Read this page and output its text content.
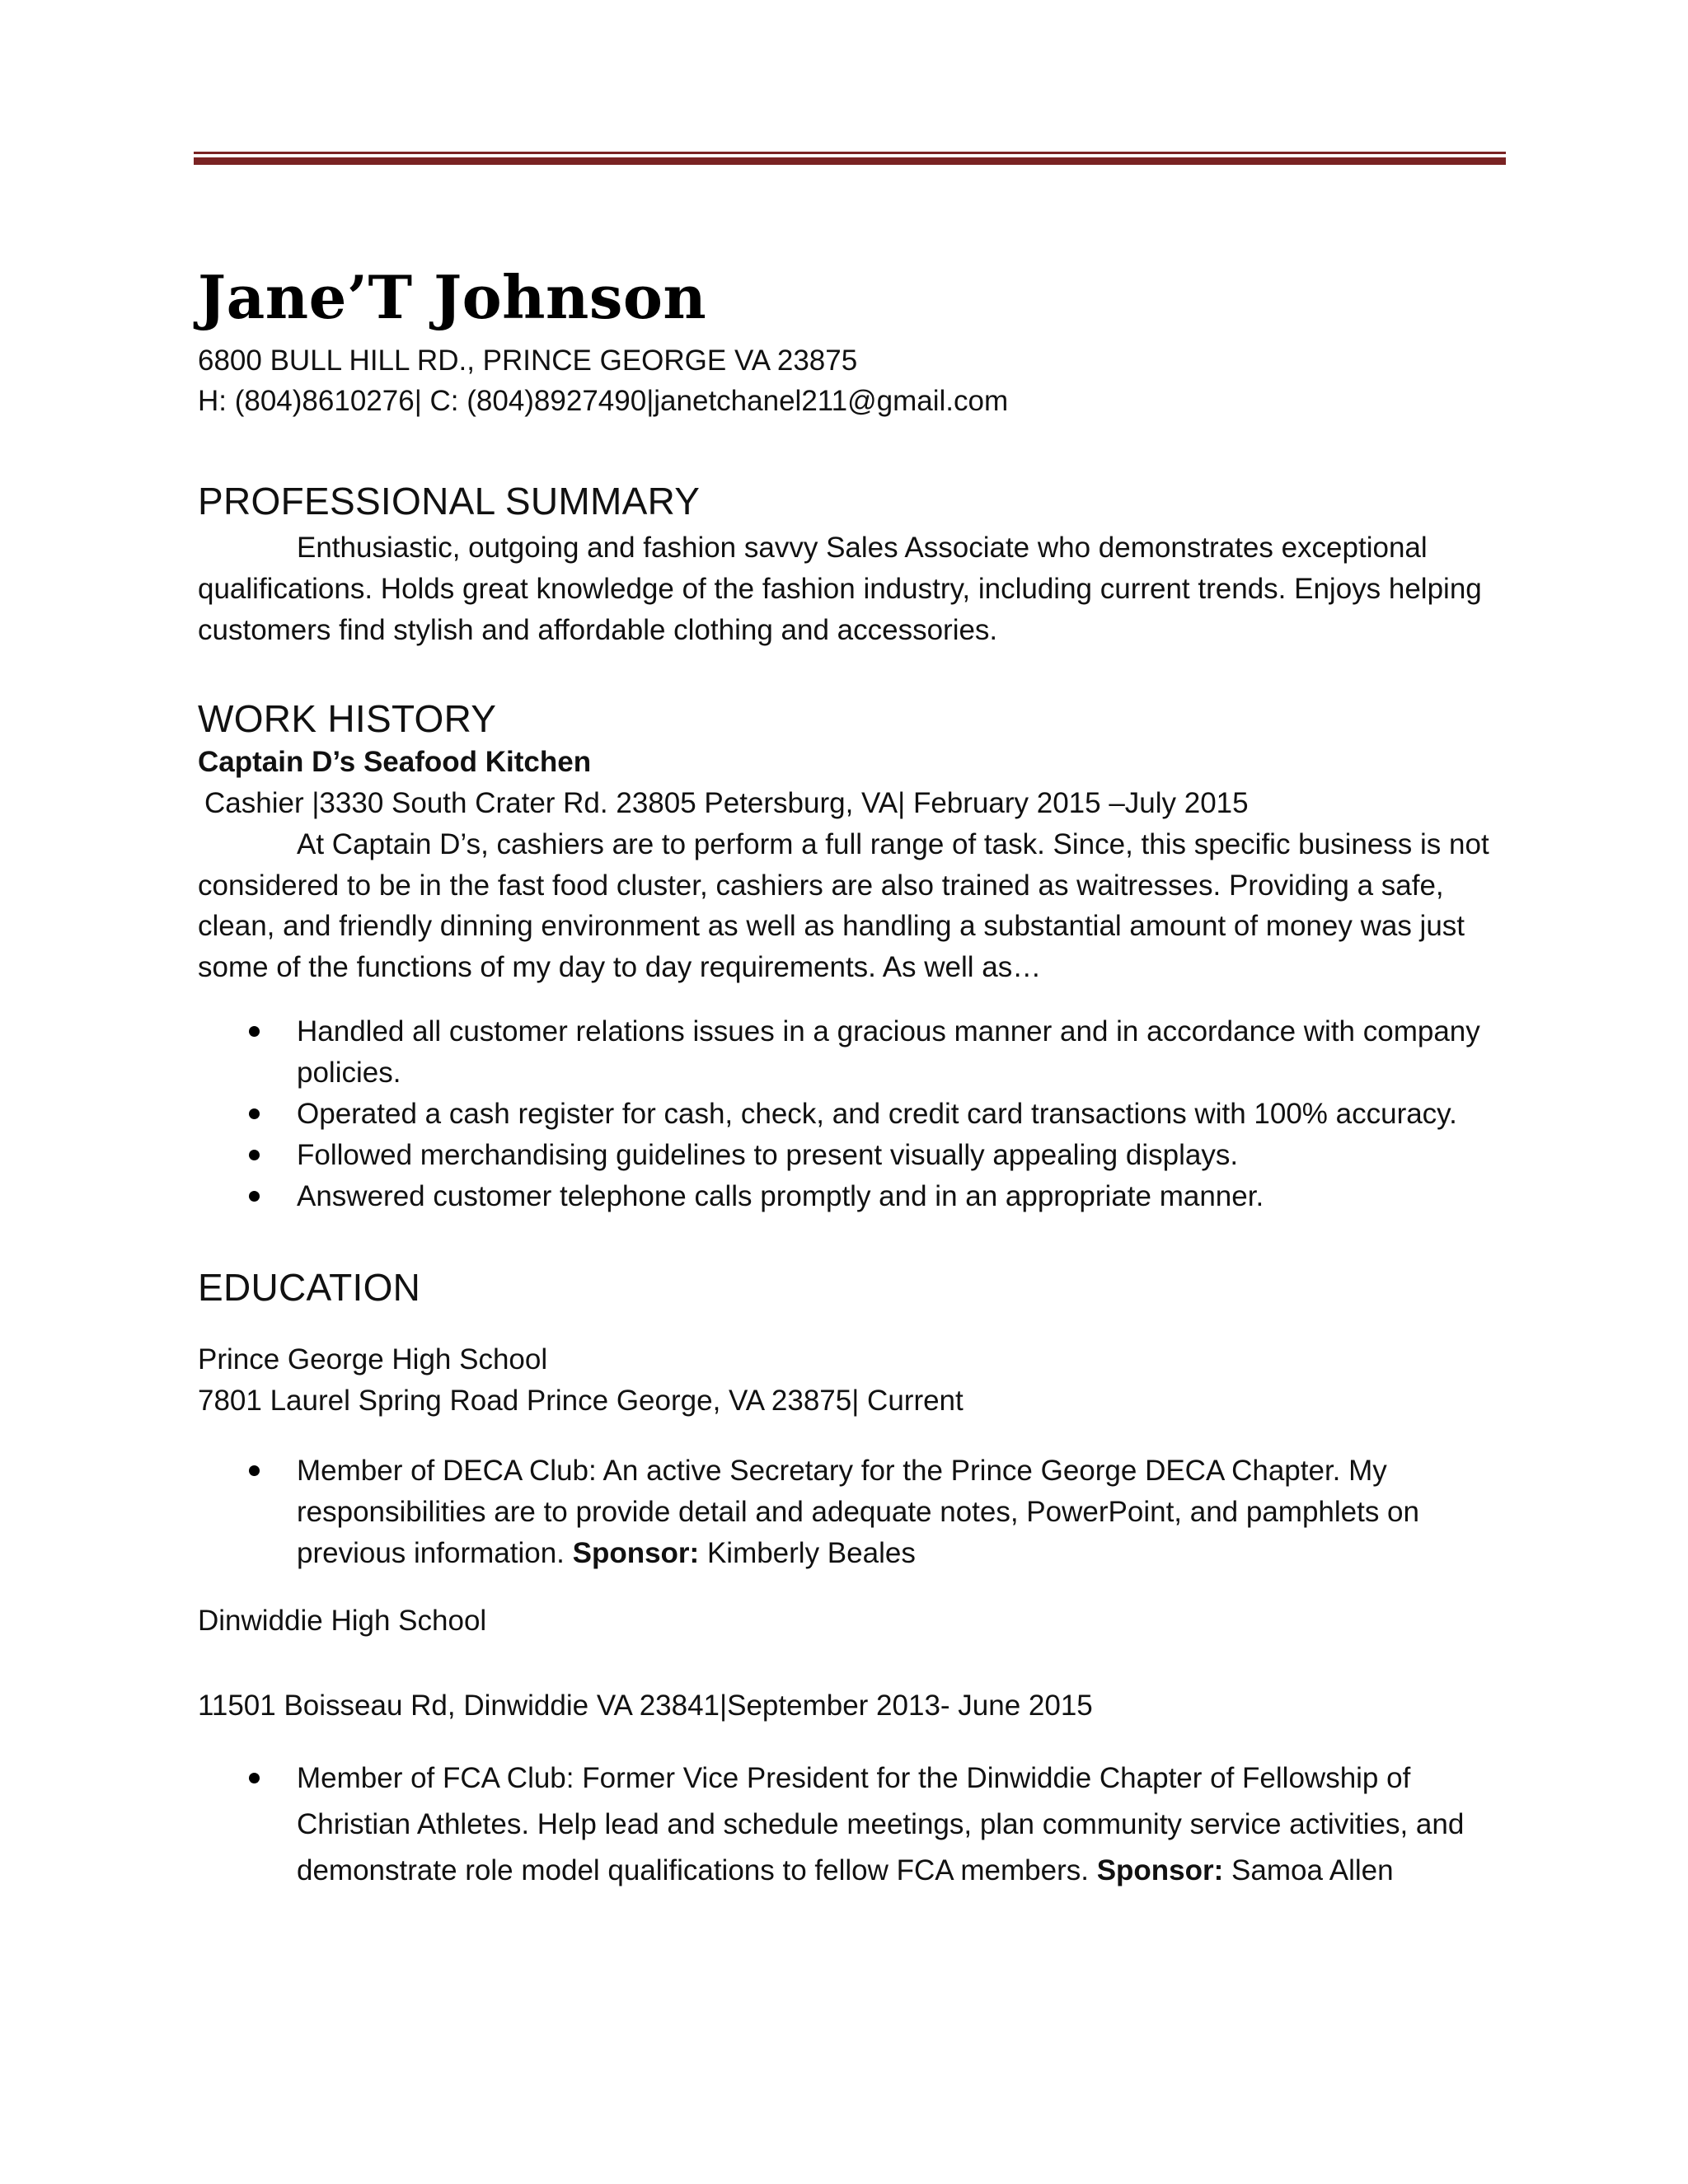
Jane’T Johnson

6800 BULL HILL RD., PRINCE GEORGE VA 23875

H: (804)8610276| C: (804)8927490|janetchanel211@gmail.com

PROFESSIONAL SUMMARY

Enthusiastic, outgoing and fashion savvy Sales Associate who demonstrates exceptional qualifications. Holds great knowledge of the fashion industry, including current trends. Enjoys helping customers find stylish and affordable clothing and accessories.

WORK HISTORY

Captain D’s Seafood Kitchen

Cashier |3330 South Crater Rd. 23805 Petersburg, VA| February 2015 –July 2015

At Captain D’s, cashiers are to perform a full range of task. Since, this specific business is not considered to be in the fast food cluster, cashiers are also trained as waitresses. Providing a safe, clean, and friendly dinning environment as well as handling a substantial amount of money was just some of the functions of my day to day requirements. As well as…

Handled all customer relations issues in a gracious manner and in accordance with company policies.
Operated a cash register for cash, check, and credit card transactions with 100% accuracy.
Followed merchandising guidelines to present visually appealing displays.
Answered customer telephone calls promptly and in an appropriate manner.
EDUCATION

Prince George High School

7801 Laurel Spring Road Prince George, VA 23875| Current

Member of DECA Club: An active Secretary for the Prince George DECA Chapter. My responsibilities are to provide detail and adequate notes, PowerPoint, and pamphlets on previous information. Sponsor: Kimberly Beales

Dinwiddie High School

11501 Boisseau Rd, Dinwiddie VA 23841|September 2013- June 2015

Member of FCA Club: Former Vice President for the Dinwiddie Chapter of Fellowship of Christian Athletes. Help lead and schedule meetings, plan community service activities, and demonstrate role model qualifications to fellow FCA members. Sponsor: Samoa Allen
